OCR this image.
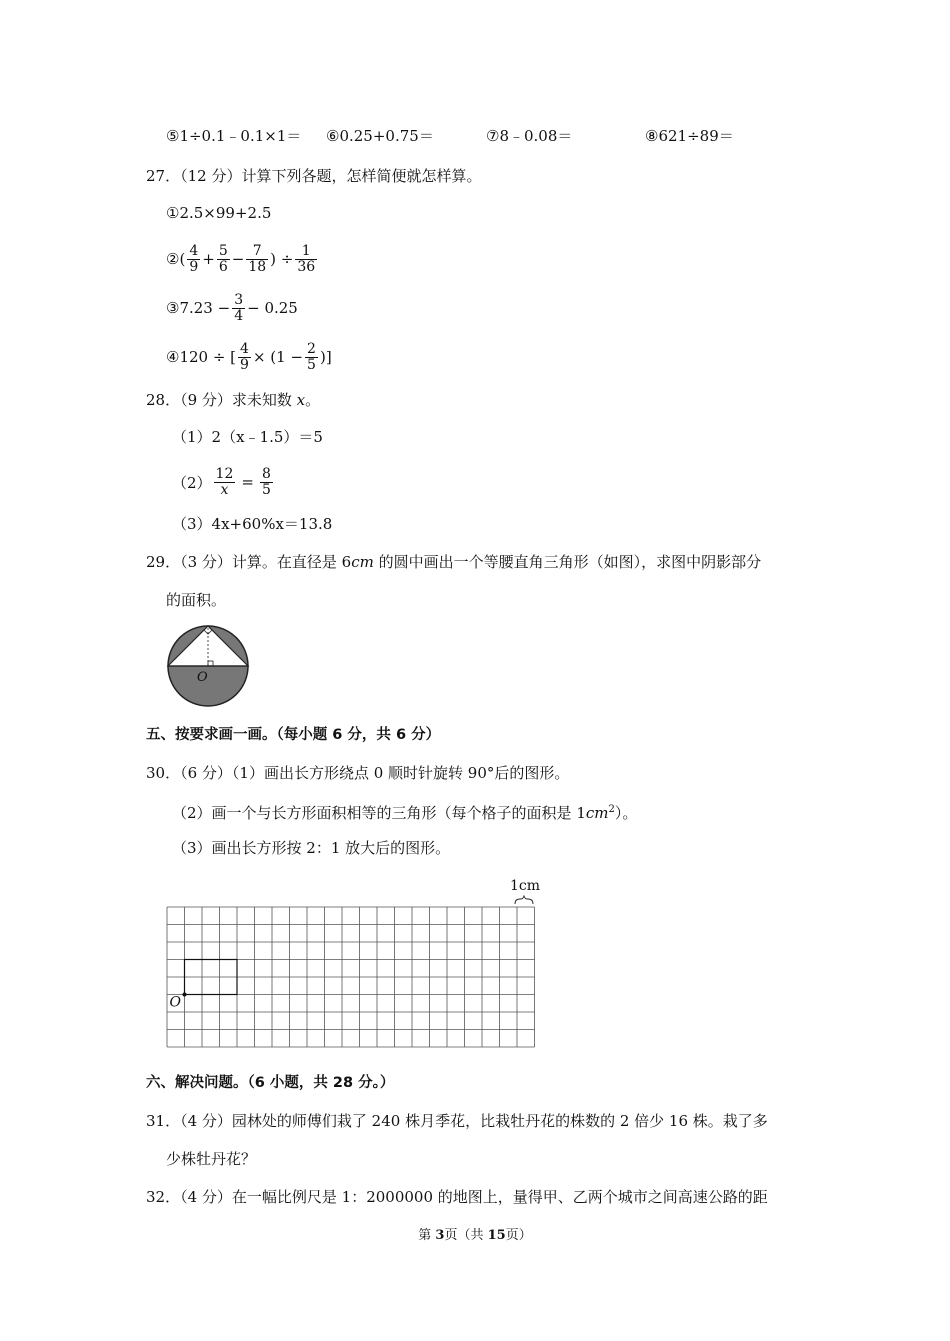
⑤1÷0.1﹣0.1×1＝ ⑥0.25+0.75＝	⑦8﹣0.08＝	⑧621÷89＝
27．（12 分）计算下列各题，怎样简便就怎样算。
①2.5×99+2.5
②( $\frac{4}{9} + \frac{5}{6} - \frac{7}{18}$ ) ÷ $\frac{1}{36}$
③7.23 − $\frac{3}{4} - 0.25$
④120 ÷ [ $\frac{4}{9} \times (1 - \frac{2}{5}$ )]
28．（9 分）求未知数 x。
（1）2（x﹣1.5）＝5
$(2) \frac{12}{x} = \frac{8}{5}$
（3）4x+60%x＝13.8
29．（3 分）计算。在直径是 6cm 的圆中画出一个等腰直角三角形（如图），求图中阴影部分
的面积。
O
五、按要求画一画。（每小题 6 分，共 6 分）
30．（6 分）（1）画出长方形绕点 0 顺时针旋转 90°后的图形。
（2）画一个与长方形面积相等的三角形（每个格子的面积是 $1cm^2$）。
（3）画出长方形按 2：1 放大后的图形。
1cm
O
六、解决问题。（6 小题，共 28 分。）
31．（4 分）园林处的师傅们栽了 240 株月季花，比栽牡丹花的株数的 2 倍少 16 株。栽了多
少株牡丹花？
32．（4 分）在一幅比例尺是 1：2000000 的地图上，量得甲、乙两个城市之间高速公路的距
第 3页（共 15页）
